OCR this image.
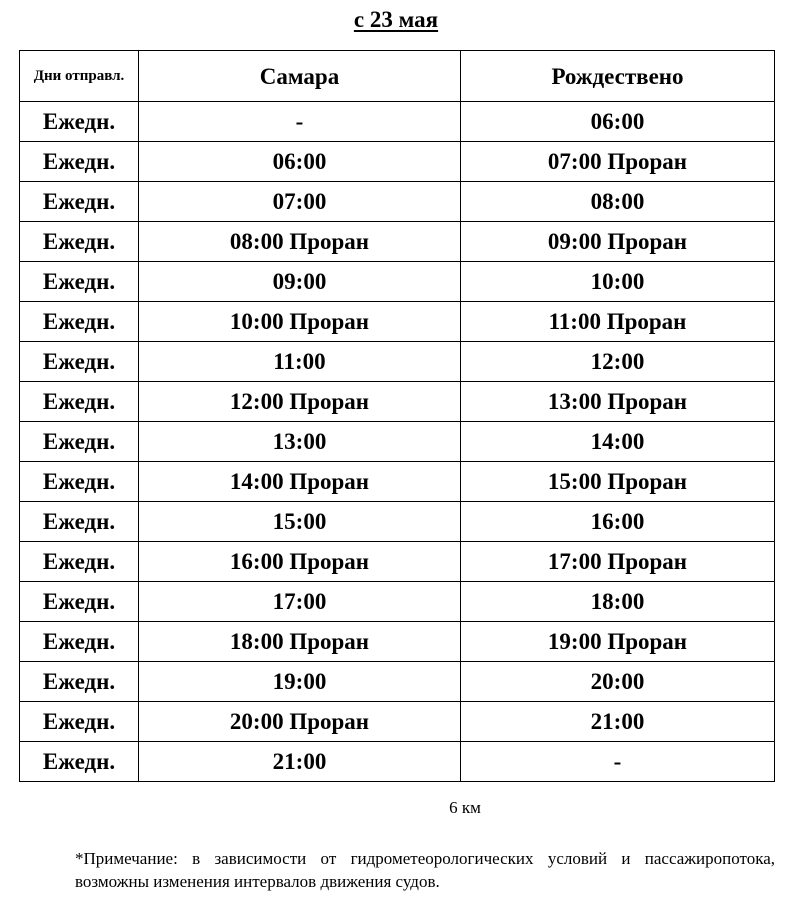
с 23 мая
Дни отправл.	Самара	Рождествено
Ежедн.	-	06:00
Ежедн.	06:00	07:00 Проран
Ежедн.	07:00	08:00
Ежедн.	08:00 Проран	09:00 Проран
Ежедн.	09:00	10:00
Ежедн.	10:00 Проран	11:00 Проран
Ежедн.	11:00	12:00
Ежедн.	12:00 Проран	13:00 Проран
Ежедн.	13:00	14:00
Ежедн.	14:00 Проран	15:00 Проран
Ежедн.	15:00	16:00
Ежедн.	16:00 Проран	17:00 Проран
Ежедн.	17:00	18:00
Ежедн.	18:00 Проран	19:00 Проран
Ежедн.	19:00	20:00
Ежедн.	20:00 Проран	21:00
Ежедн.	21:00	-
6 км
*Примечание: в зависимости от гидрометеорологических условий и пассажиропотока, возможны изменения интервалов движения судов.
